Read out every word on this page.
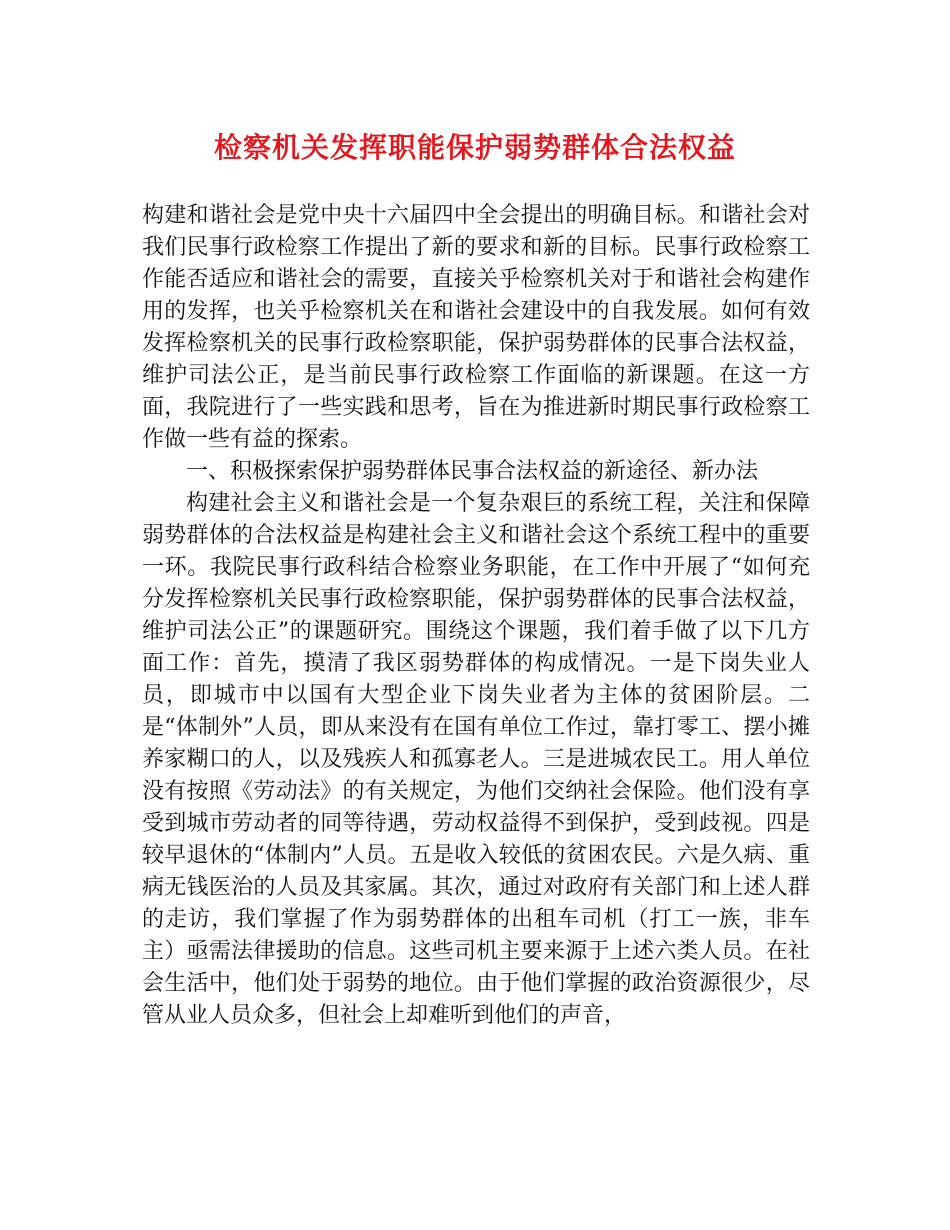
检察机关发挥职能保护弱势群体合法权益

构建和谐社会是党中央十六届四中全会提出的明确目标。和谐社会对我们民事行政检察工作提出了新的要求和新的目标。民事行政检察工作能否适应和谐社会的需要，直接关乎检察机关对于和谐社会构建作用的发挥，也关乎检察机关在和谐社会建设中的自我发展。如何有效发挥检察机关的民事行政检察职能，保护弱势群体的民事合法权益，维护司法公正，是当前民事行政检察工作面临的新课题。在这一方面，我院进行了一些实践和思考，旨在为推进新时期民事行政检察工作做一些有益的探索。

一、积极探索保护弱势群体民事合法权益的新途径、新办法

构建社会主义和谐社会是一个复杂艰巨的系统工程，关注和保障弱势群体的合法权益是构建社会主义和谐社会这个系统工程中的重要一环。我院民事行政科结合检察业务职能，在工作中开展了“如何充分发挥检察机关民事行政检察职能，保护弱势群体的民事合法权益，维护司法公正”的课题研究。围绕这个课题，我们着手做了以下几方面工作：首先，摸清了我区弱势群体的构成情况。一是下岗失业人员，即城市中以国有大型企业下岗失业者为主体的贫困阶层。二是“体制外”人员，即从来没有在国有单位工作过，靠打零工、摆小摊养家糊口的人，以及残疾人和孤寡老人。三是进城农民工。用人单位没有按照《劳动法》的有关规定，为他们交纳社会保险。他们没有享受到城市劳动者的同等待遇，劳动权益得不到保护，受到歧视。四是较早退休的“体制内”人员。五是收入较低的贫困农民。六是久病、重病无钱医治的人员及其家属。其次，通过对政府有关部门和上述人群的走访，我们掌握了作为弱势群体的出租车司机（打工一族，非车主）亟需法律援助的信息。这些司机主要来源于上述六类人员。在社会生活中，他们处于弱势的地位。由于他们掌握的政治资源很少，尽管从业人员众多，但社会上却难听到他们的声音，
